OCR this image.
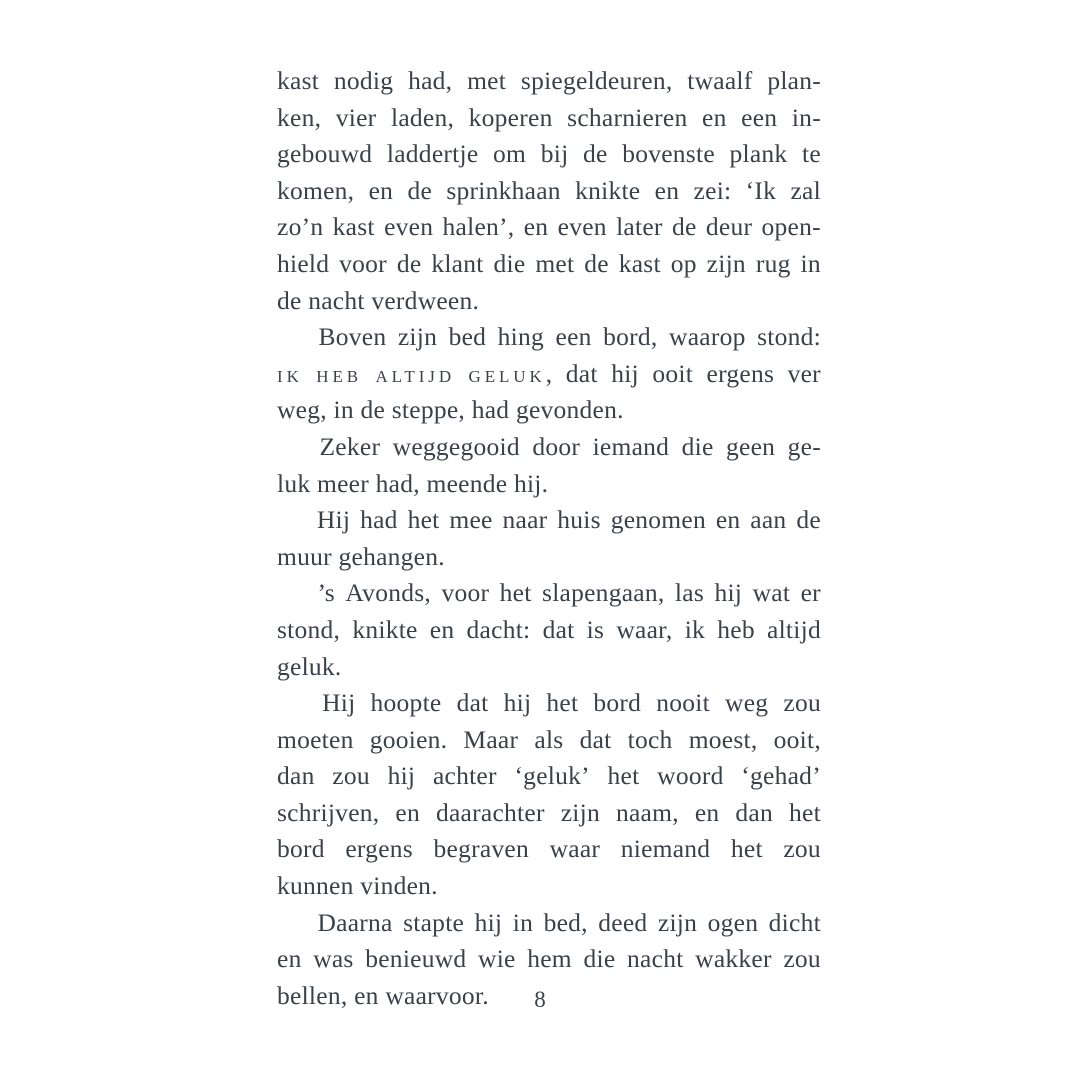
kast nodig had, met spiegeldeuren, twaalf plan-
ken, vier laden, koperen scharnieren en een in-
gebouwd laddertje om bij de bovenste plank te
komen, en de sprinkhaan knikte en zei: ‘Ik zal
zo’n kast even halen’, en even later de deur open-
hield voor de klant die met de kast op zijn rug in
de nacht verdween.

Boven zijn bed hing een bord, waarop stond:
ik heb altijd geluk, dat hij ooit ergens ver
weg, in de steppe, had gevonden.

Zeker weggegooid door iemand die geen ge-
luk meer had, meende hij.

Hij had het mee naar huis genomen en aan de
muur gehangen.

’s Avonds, voor het slapengaan, las hij wat er
stond, knikte en dacht: dat is waar, ik heb altijd
geluk.

Hij hoopte dat hij het bord nooit weg zou
moeten gooien. Maar als dat toch moest, ooit,
dan zou hij achter ‘geluk’ het woord ‘gehad’
schrijven, en daarachter zijn naam, en dan het
bord ergens begraven waar niemand het zou
kunnen vinden.

Daarna stapte hij in bed, deed zijn ogen dicht
en was benieuwd wie hem die nacht wakker zou
bellen, en waarvoor.	8
